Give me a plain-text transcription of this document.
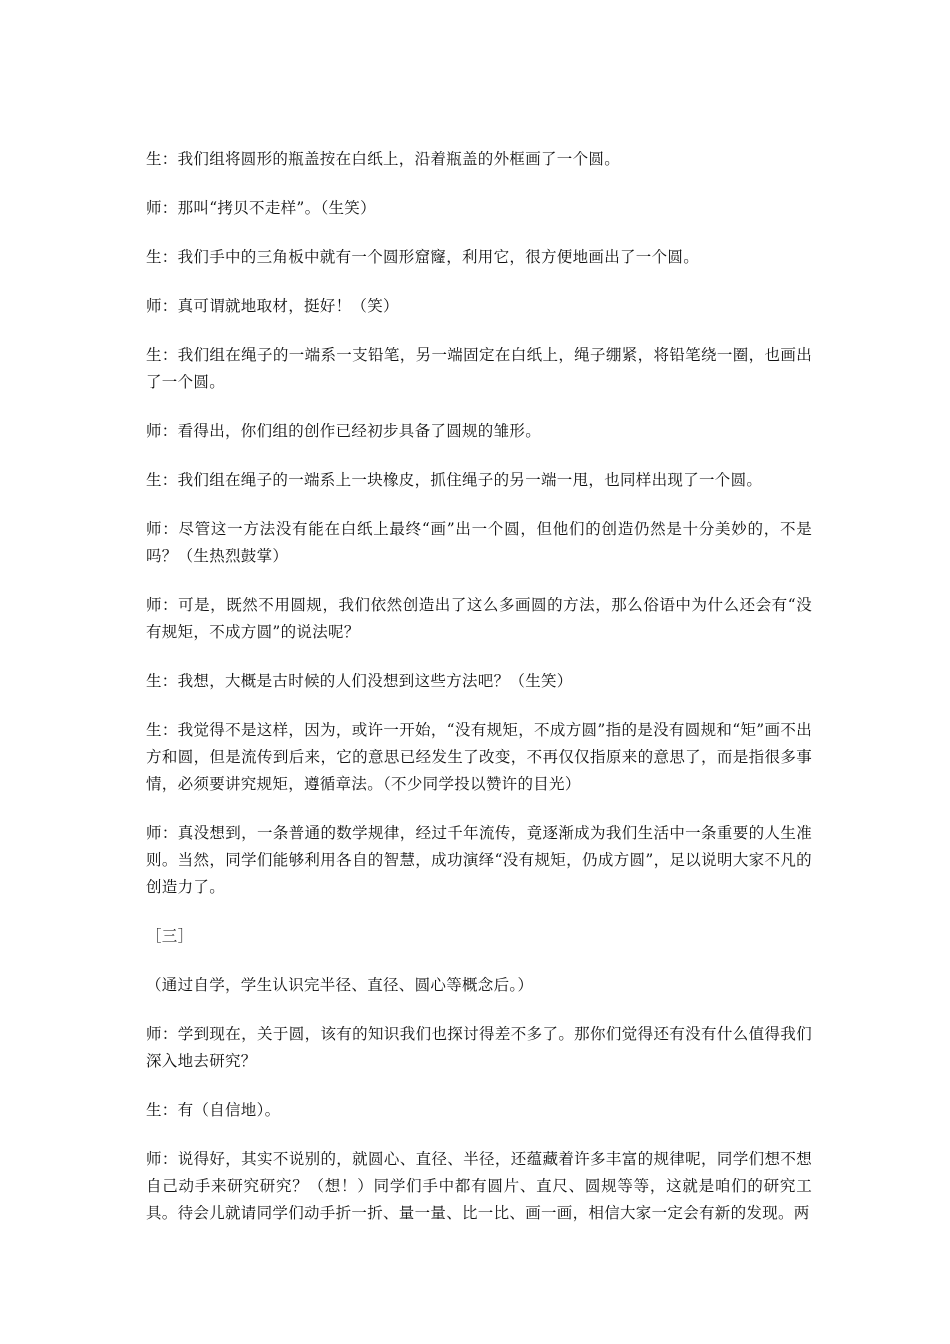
生：我们组将圆形的瓶盖按在白纸上，沿着瓶盖的外框画了一个圆。

师：那叫“拷贝不走样”。（生笑）

生：我们手中的三角板中就有一个圆形窟窿，利用它，很方便地画出了一个圆。

师：真可谓就地取材，挺好！（笑）

生：我们组在绳子的一端系一支铅笔，另一端固定在白纸上，绳子绷紧，将铅笔绕一圈，也画出了一个圆。

师：看得出，你们组的创作已经初步具备了圆规的雏形。

生：我们组在绳子的一端系上一块橡皮，抓住绳子的另一端一甩，也同样出现了一个圆。

师：尽管这一方法没有能在白纸上最终“画”出一个圆，但他们的创造仍然是十分美妙的，不是吗？（生热烈鼓掌）

师：可是，既然不用圆规，我们依然创造出了这么多画圆的方法，那么俗语中为什么还会有“没有规矩，不成方圆”的说法呢？

生：我想，大概是古时候的人们没想到这些方法吧？（生笑）

生：我觉得不是这样，因为，或许一开始，“没有规矩，不成方圆”指的是没有圆规和“矩”画不出方和圆，但是流传到后来，它的意思已经发生了改变，不再仅仅指原来的意思了，而是指很多事情，必须要讲究规矩，遵循章法。（不少同学投以赞许的目光）

师：真没想到，一条普通的数学规律，经过千年流传，竟逐渐成为我们生活中一条重要的人生准则。当然，同学们能够利用各自的智慧，成功演绎“没有规矩，仍成方圆”，足以说明大家不凡的创造力了。

［三］

（通过自学，学生认识完半径、直径、圆心等概念后。）

师：学到现在，关于圆，该有的知识我们也探讨得差不多了。那你们觉得还有没有什么值得我们深入地去研究？

生：有（自信地）。

师：说得好，其实不说别的，就圆心、直径、半径，还蕴藏着许多丰富的规律呢，同学们想不想自己动手来研究研究？（想！）同学们手中都有圆片、直尺、圆规等等，这就是咱们的研究工具。待会儿就请同学们动手折一折、量一量、比一比、画一画，相信大家一定会有新的发现。两
